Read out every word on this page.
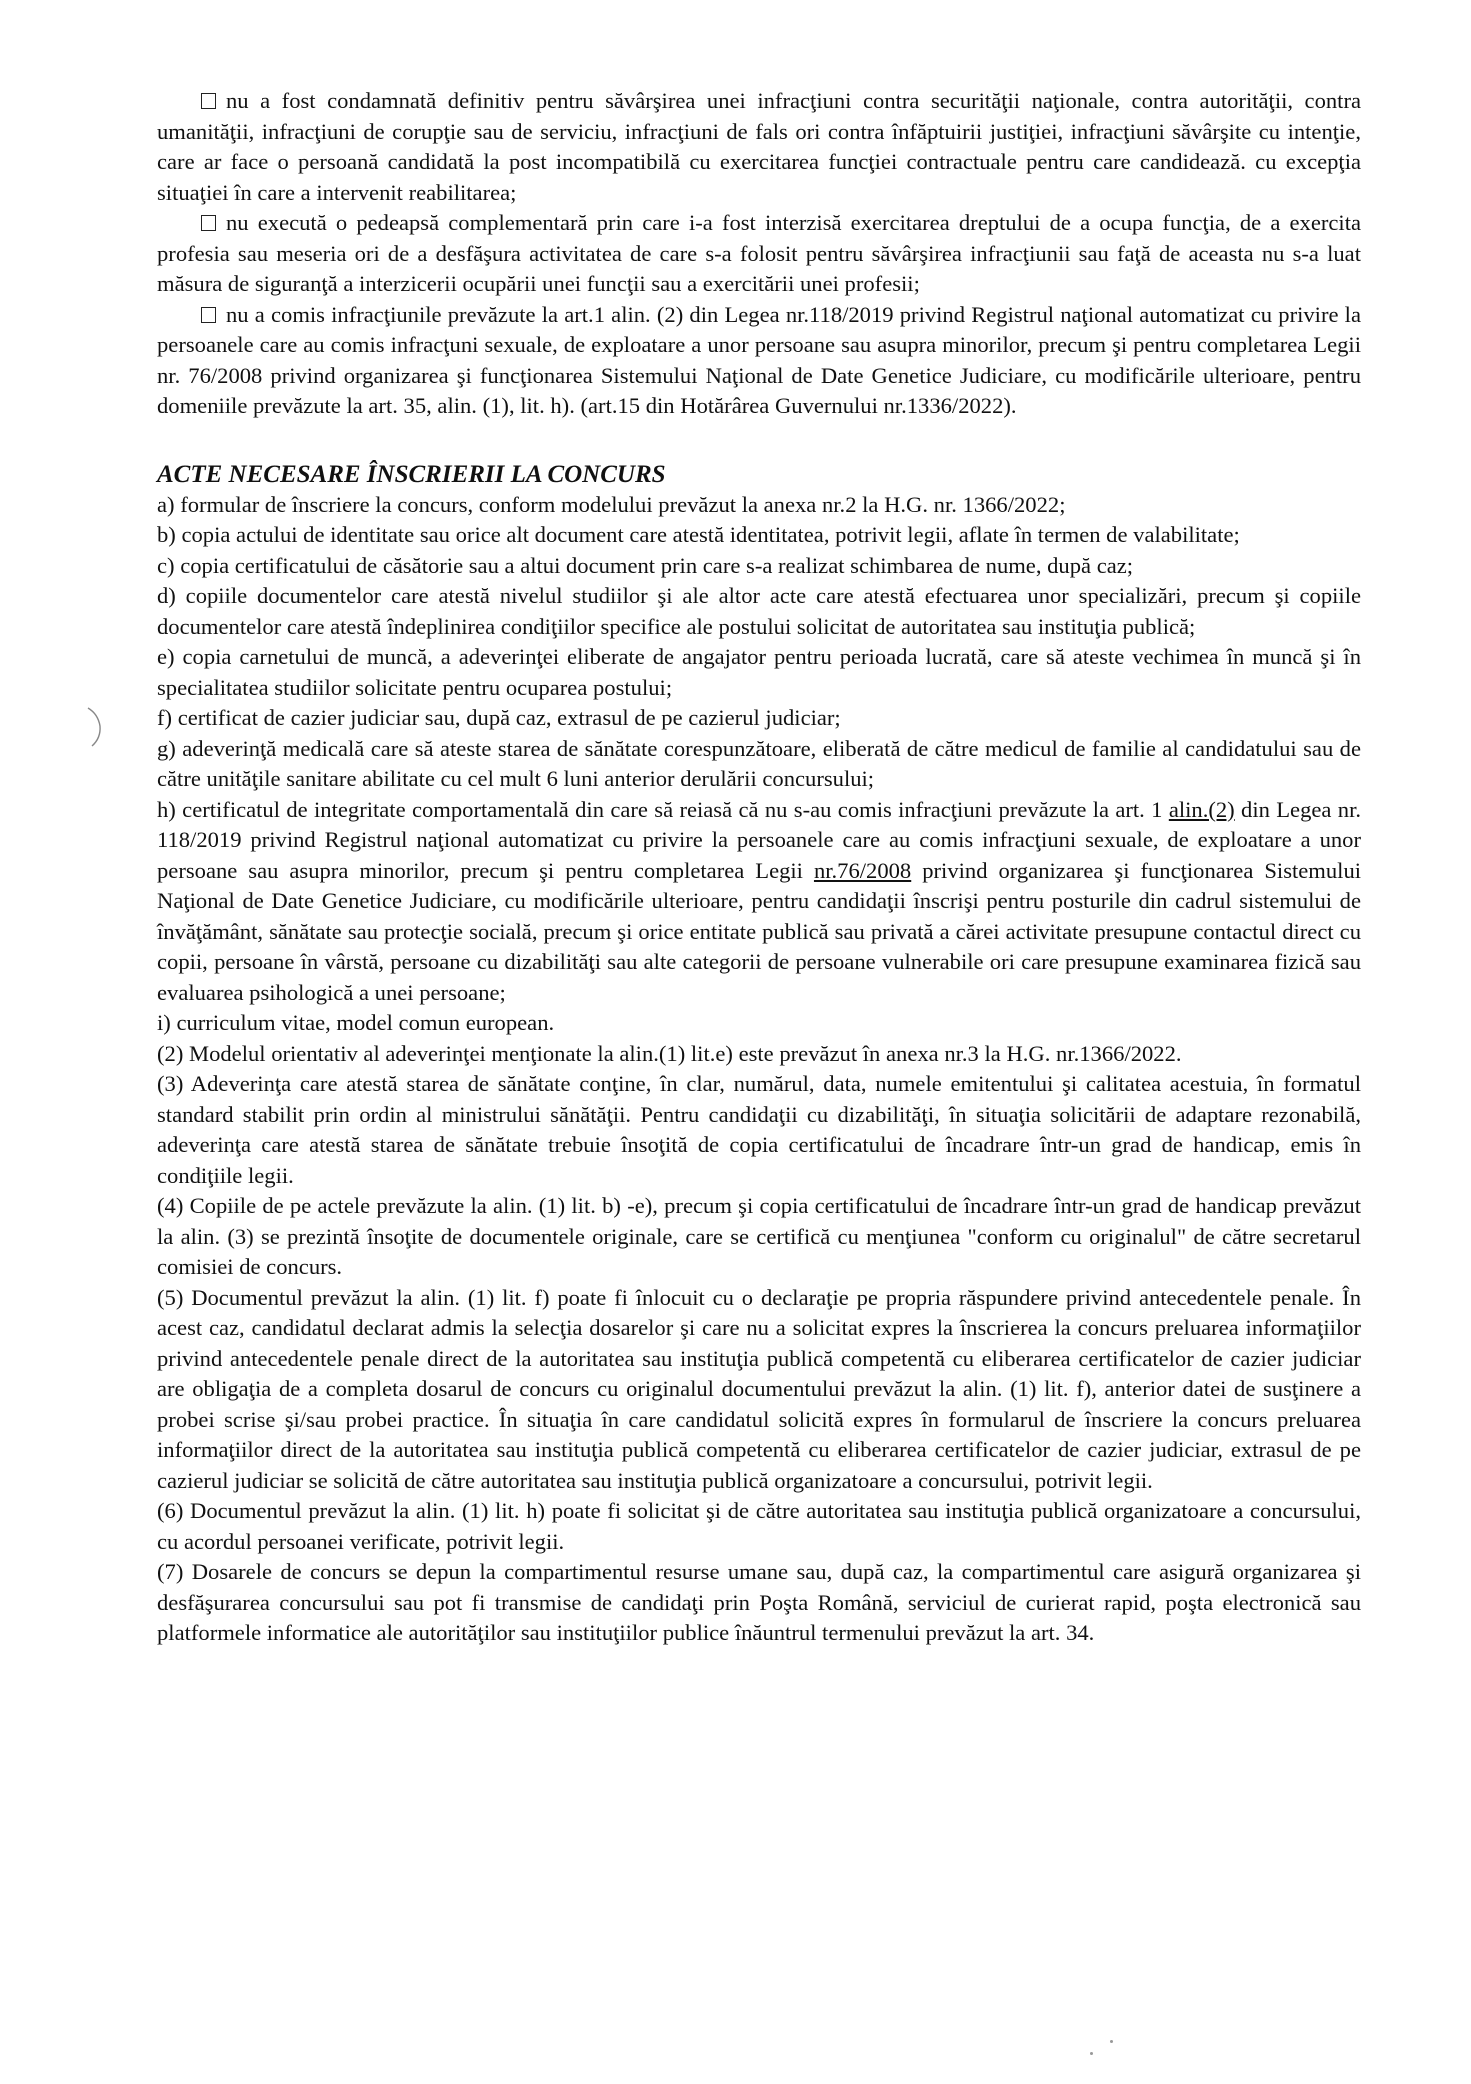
nu a fost condamnată definitiv pentru săvârşirea unei infracţiuni contra securităţii naţionale, contra autorităţii, contra umanităţii, infracţiuni de corupţie sau de serviciu, infracţiuni de fals ori contra înfăptuirii justiţiei, infracţiuni săvârşite cu intenţie, care ar face o persoană candidată la post incompatibilă cu exercitarea funcţiei contractuale pentru care candidează. cu excepţia situaţiei în care a intervenit reabilitarea;

nu execută o pedeapsă complementară prin care i-a fost interzisă exercitarea dreptului de a ocupa funcţia, de a exercita profesia sau meseria ori de a desfăşura activitatea de care s-a folosit pentru săvârşirea infracţiunii sau faţă de aceasta nu s-a luat măsura de siguranţă a interzicerii ocupării unei funcţii sau a exercitării unei profesii;

nu a comis infracţiunile prevăzute la art.1 alin. (2) din Legea nr.118/2019 privind Registrul naţional automatizat cu privire la persoanele care au comis infracţuni sexuale, de exploatare a unor persoane sau asupra minorilor, precum şi pentru completarea Legii nr. 76/2008 privind organizarea şi funcţionarea Sistemului Naţional de Date Genetice Judiciare, cu modificările ulterioare, pentru domeniile prevăzute la art. 35, alin. (1), lit. h). (art.15 din Hotărârea Guvernului nr.1336/2022).

ACTE NECESARE ÎNSCRIERII LA CONCURS

a) formular de înscriere la concurs, conform modelului prevăzut la anexa nr.2 la H.G. nr. 1366/2022;

b) copia actului de identitate sau orice alt document care atestă identitatea, potrivit legii, aflate în termen de valabilitate;

c) copia certificatului de căsătorie sau a altui document prin care s-a realizat schimbarea de nume, după caz;

d) copiile documentelor care atestă nivelul studiilor şi ale altor acte care atestă efectuarea unor specializări, precum şi copiile documentelor care atestă îndeplinirea condiţiilor specifice ale postului solicitat de autoritatea sau instituţia publică;

e) copia carnetului de muncă, a adeverinţei eliberate de angajator pentru perioada lucrată, care să ateste vechimea în muncă şi în specialitatea studiilor solicitate pentru ocuparea postului;

f) certificat de cazier judiciar sau, după caz, extrasul de pe cazierul judiciar;

g) adeverinţă medicală care să ateste starea de sănătate corespunzătoare, eliberată de către medicul de familie al candidatului sau de către unităţile sanitare abilitate cu cel mult 6 luni anterior derulării concursului;

h) certificatul de integritate comportamentală din care să reiasă că nu s-au comis infracţiuni prevăzute la art. 1 alin.(2) din Legea nr. 118/2019 privind Registrul naţional automatizat cu privire la persoanele care au comis infracţiuni sexuale, de exploatare a unor persoane sau asupra minorilor, precum şi pentru completarea Legii nr.76/2008 privind organizarea şi funcţionarea Sistemului Naţional de Date Genetice Judiciare, cu modificările ulterioare, pentru candidaţii înscrişi pentru posturile din cadrul sistemului de învăţământ, sănătate sau protecţie socială, precum şi orice entitate publică sau privată a cărei activitate presupune contactul direct cu copii, persoane în vârstă, persoane cu dizabilităţi sau alte categorii de persoane vulnerabile ori care presupune examinarea fizică sau evaluarea psihologică a unei persoane;

i) curriculum vitae, model comun european.

(2) Modelul orientativ al adeverinţei menţionate la alin.(1) lit.e) este prevăzut în anexa nr.3 la H.G. nr.1366/2022.

(3) Adeverinţa care atestă starea de sănătate conţine, în clar, numărul, data, numele emitentului şi calitatea acestuia, în formatul standard stabilit prin ordin al ministrului sănătăţii. Pentru candidaţii cu dizabilităţi, în situaţia solicitării de adaptare rezonabilă, adeverinţa care atestă starea de sănătate trebuie însoţită de copia certificatului de încadrare într-un grad de handicap, emis în condiţiile legii.

(4) Copiile de pe actele prevăzute la alin. (1) lit. b) -e), precum şi copia certificatului de încadrare într-un grad de handicap prevăzut la alin. (3) se prezintă însoţite de documentele originale, care se certifică cu menţiunea "conform cu originalul" de către secretarul comisiei de concurs.

(5) Documentul prevăzut la alin. (1) lit. f) poate fi înlocuit cu o declaraţie pe propria răspundere privind antecedentele penale. În acest caz, candidatul declarat admis la selecţia dosarelor şi care nu a solicitat expres la înscrierea la concurs preluarea informaţiilor privind antecedentele penale direct de la autoritatea sau instituţia publică competentă cu eliberarea certificatelor de cazier judiciar are obligaţia de a completa dosarul de concurs cu originalul documentului prevăzut la alin. (1) lit. f), anterior datei de susţinere a probei scrise şi/sau probei practice. În situaţia în care candidatul solicită expres în formularul de înscriere la concurs preluarea informaţiilor direct de la autoritatea sau instituţia publică competentă cu eliberarea certificatelor de cazier judiciar, extrasul de pe cazierul judiciar se solicită de către autoritatea sau instituţia publică organizatoare a concursului, potrivit legii.

(6) Documentul prevăzut la alin. (1) lit. h) poate fi solicitat şi de către autoritatea sau instituţia publică organizatoare a concursului, cu acordul persoanei verificate, potrivit legii.

(7) Dosarele de concurs se depun la compartimentul resurse umane sau, după caz, la compartimentul care asigură organizarea şi desfăşurarea concursului sau pot fi transmise de candidaţi prin Poşta Română, serviciul de curierat rapid, poşta electronică sau platformele informatice ale autorităţilor sau instituţiilor publice înăuntrul termenului prevăzut la art. 34.
